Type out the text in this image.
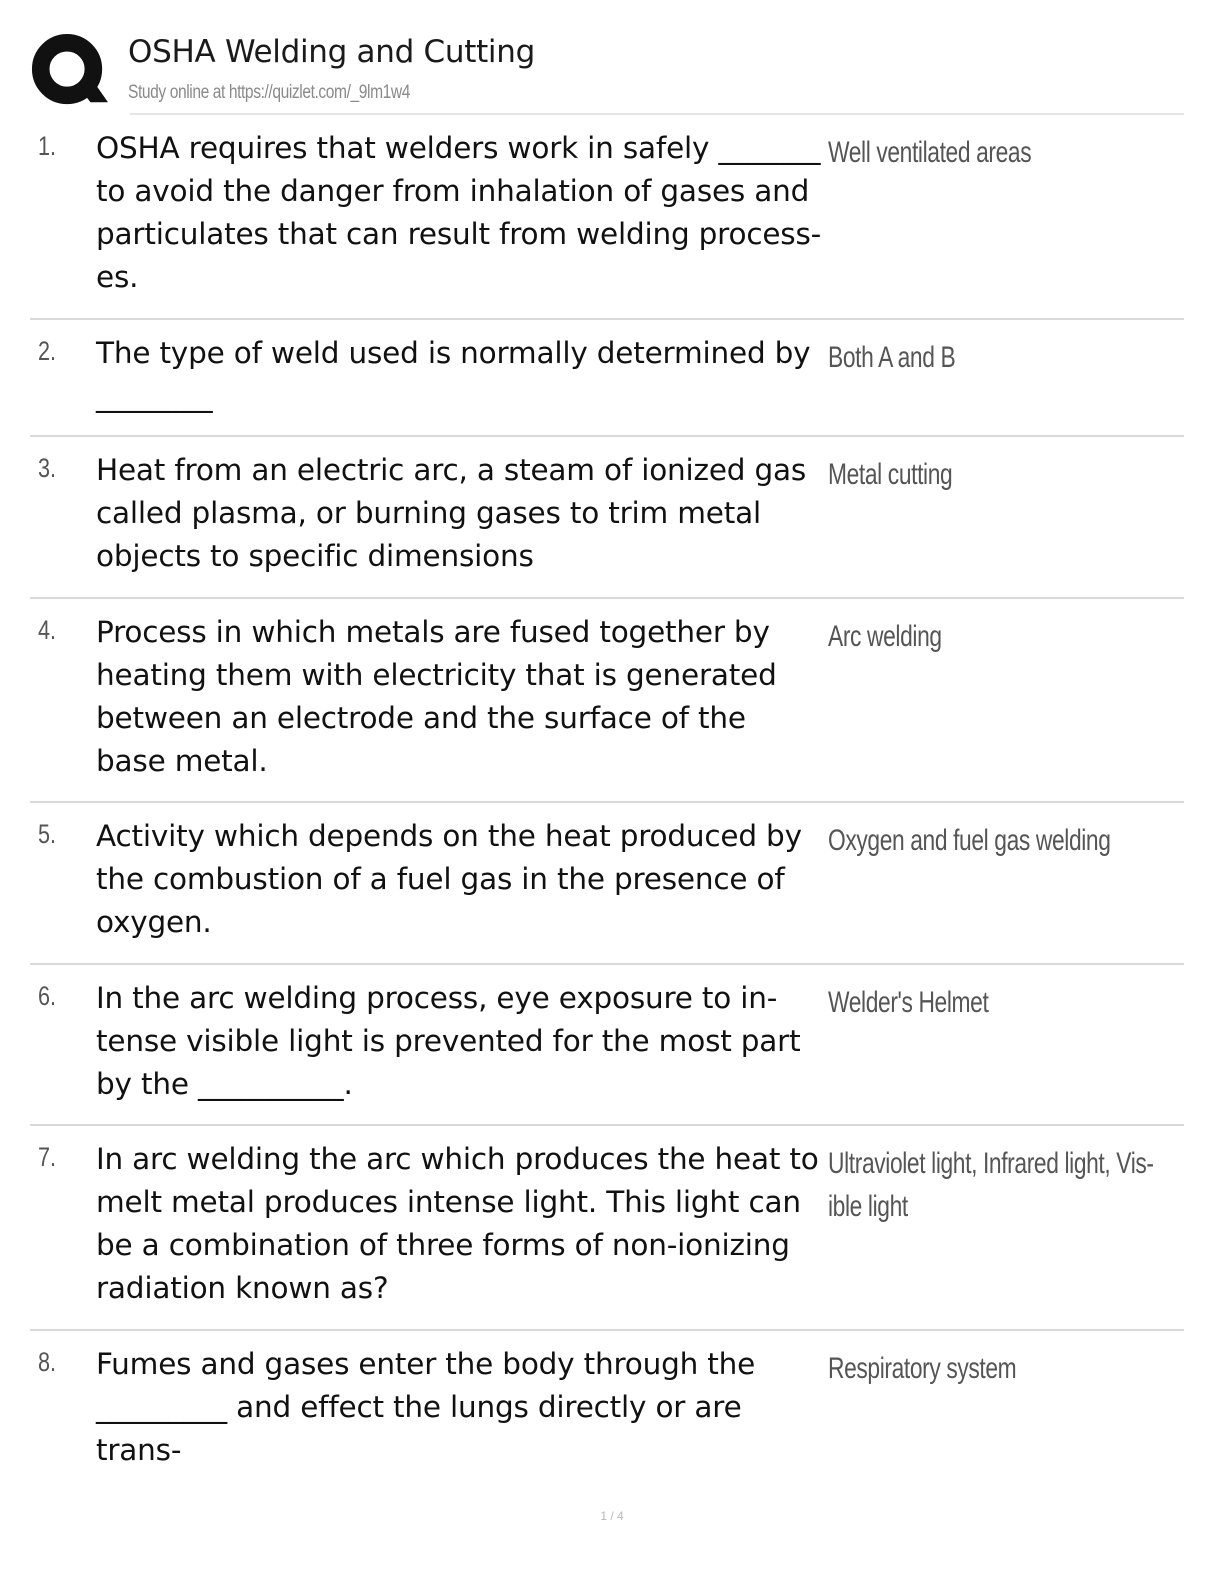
OSHA Welding and Cutting
Study online at https://quizlet.com/_9lm1w4
1. OSHA requires that welders work in safely _______ to avoid the danger from inhalation of gases and particulates that can result from welding process- es.
Well ventilated areas
2. The type of weld used is normally determined by ________
Both A and B
3. Heat from an electric arc, a steam of ionized gas called plasma, or burning gases to trim metal objects to specific dimensions
Metal cutting
4. Process in which metals are fused together by heating them with electricity that is generated between an electrode and the surface of the base metal.
Arc welding
5. Activity which depends on the heat produced by the combustion of a fuel gas in the presence of oxygen.
Oxygen and fuel gas welding
6. In the arc welding process, eye exposure to in- tense visible light is prevented for the most part by the __________.
Welder's Helmet
7. In arc welding the arc which produces the heat to melt metal produces intense light. This light can be a combination of three forms of non-ionizing radiation known as?
Ultraviolet light, Infrared light, Vis- ible light
8. Fumes and gases enter the body through the _________ and effect the lungs directly or are trans-
Respiratory system
1 / 4
